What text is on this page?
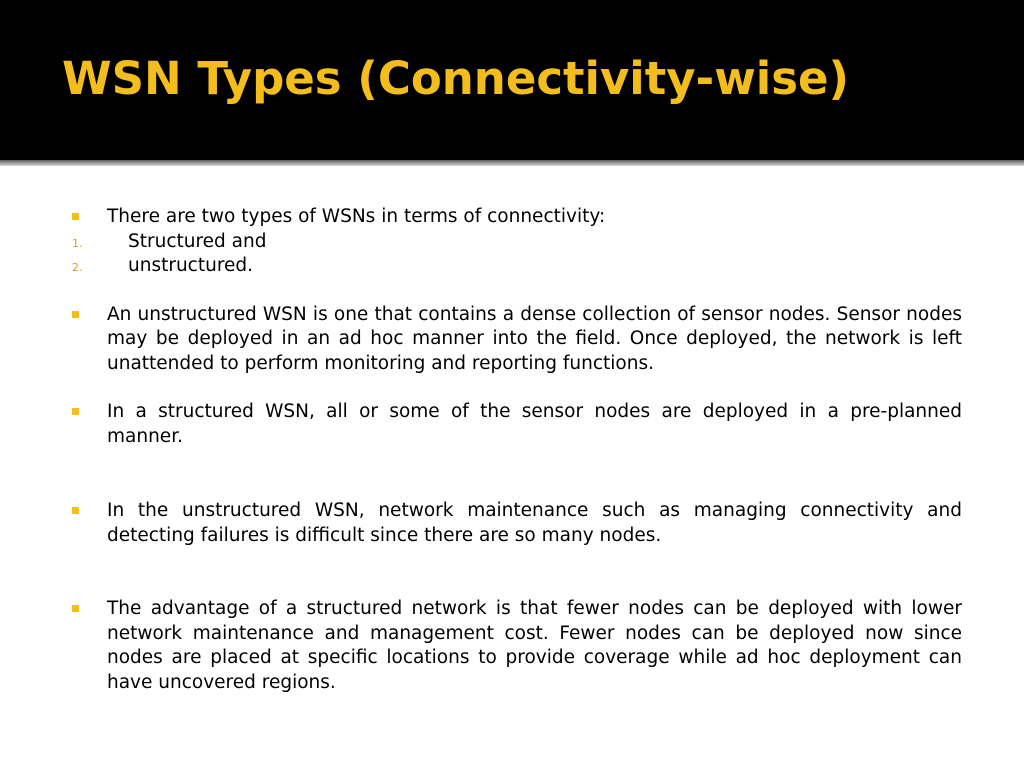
WSN Types (Connectivity-wise)
There are two types of WSNs in terms of connectivity:
1. Structured and
2. unstructured.
An unstructured WSN is one that contains a dense collection of sensor nodes. Sensor nodes may be deployed in an ad hoc manner into the field. Once deployed, the network is left unattended to perform monitoring and reporting functions.
In a structured WSN, all or some of the sensor nodes are deployed in a pre-planned manner.
In the unstructured WSN, network maintenance such as managing connectivity and detecting failures is difficult since there are so many nodes.
The advantage of a structured network is that fewer nodes can be deployed with lower network maintenance and management cost. Fewer nodes can be deployed now since nodes are placed at specific locations to provide coverage while ad hoc deployment can have uncovered regions.
